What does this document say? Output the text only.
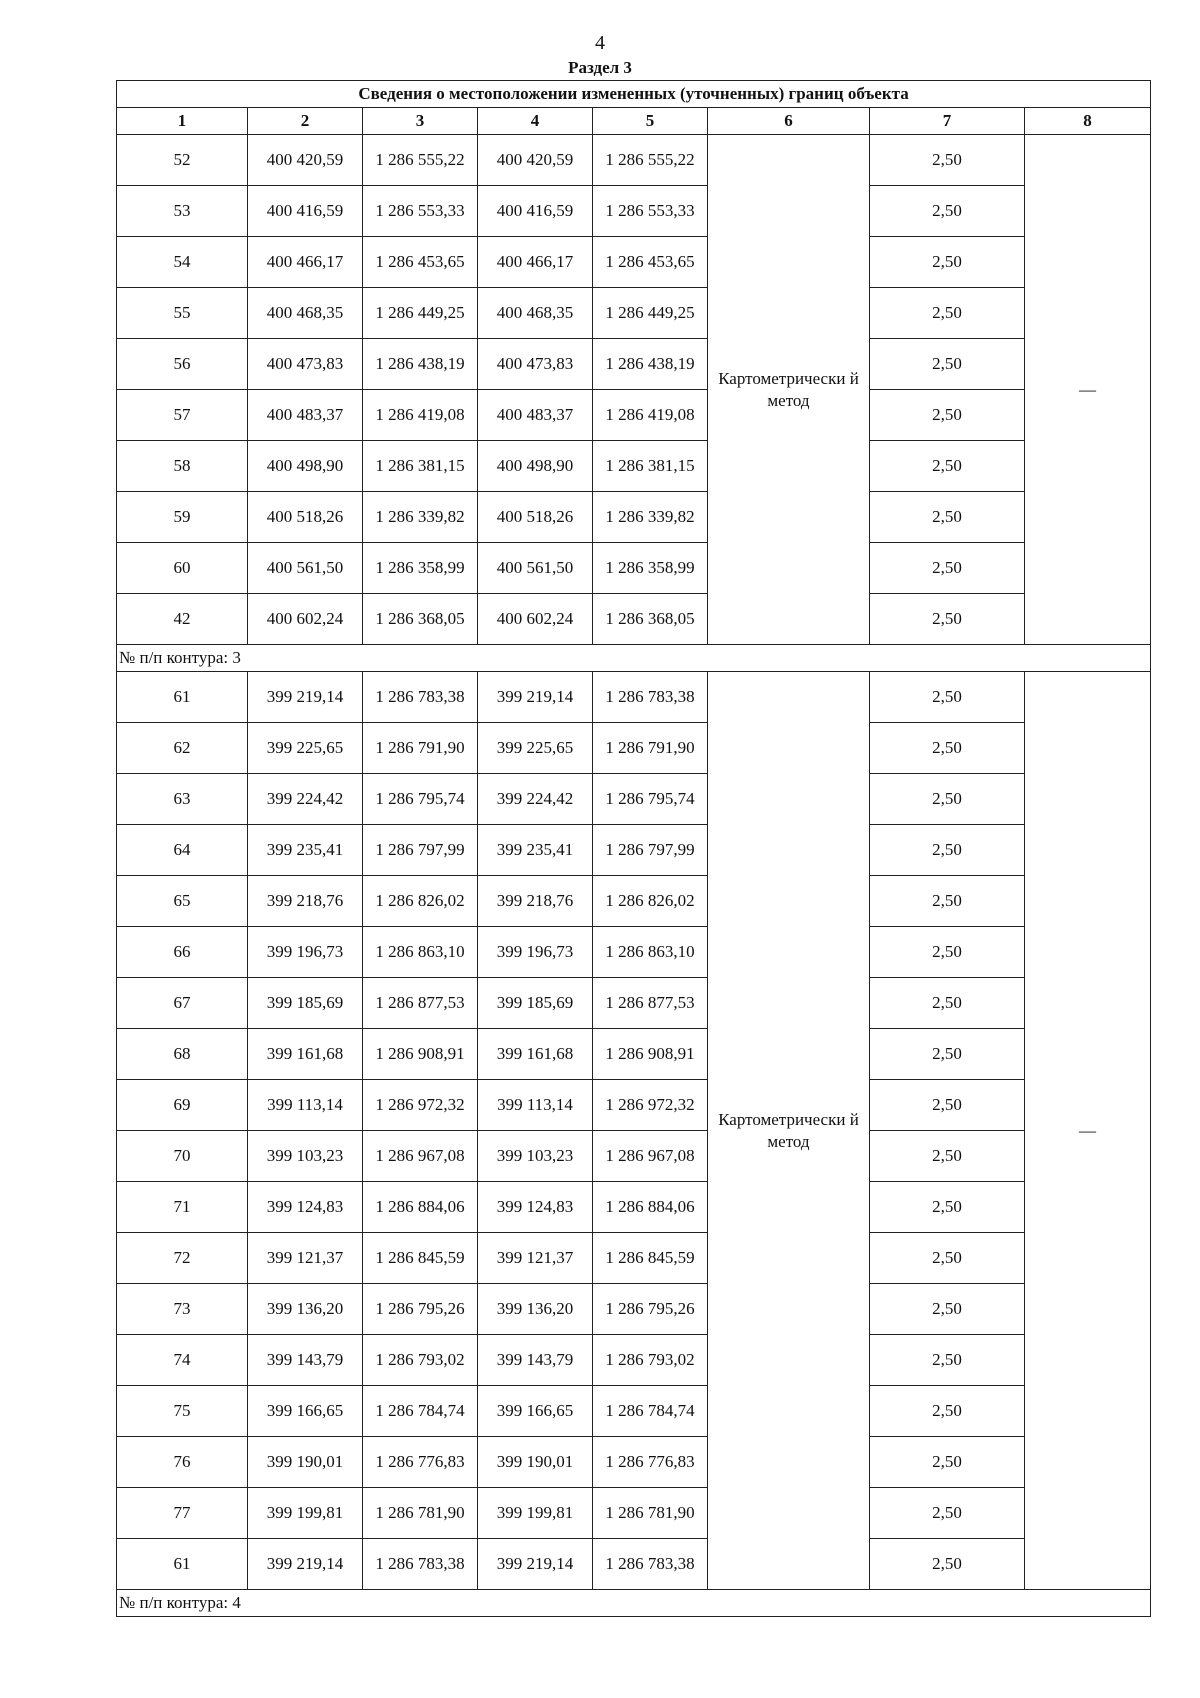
4
Раздел 3
Сведения о местоположении измененных (уточненных) границ объекта							
1	2	3	4	5	6	7	8
52	400 420,59	1 286 555,22	400 420,59	1 286 555,22	Картометрически й метод	2,50	—
53	400 416,59	1 286 553,33	400 416,59	1 286 553,33		2,50	
54	400 466,17	1 286 453,65	400 466,17	1 286 453,65		2,50	
55	400 468,35	1 286 449,25	400 468,35	1 286 449,25		2,50	
56	400 473,83	1 286 438,19	400 473,83	1 286 438,19		2,50	
57	400 483,37	1 286 419,08	400 483,37	1 286 419,08		2,50	
58	400 498,90	1 286 381,15	400 498,90	1 286 381,15		2,50	
59	400 518,26	1 286 339,82	400 518,26	1 286 339,82		2,50	
60	400 561,50	1 286 358,99	400 561,50	1 286 358,99		2,50	
42	400 602,24	1 286 368,05	400 602,24	1 286 368,05		2,50	
№ п/п контура: 3							
61	399 219,14	1 286 783,38	399 219,14	1 286 783,38	Картометрически й метод	2,50	—
62	399 225,65	1 286 791,90	399 225,65	1 286 791,90		2,50	
63	399 224,42	1 286 795,74	399 224,42	1 286 795,74		2,50	
64	399 235,41	1 286 797,99	399 235,41	1 286 797,99		2,50	
65	399 218,76	1 286 826,02	399 218,76	1 286 826,02		2,50	
66	399 196,73	1 286 863,10	399 196,73	1 286 863,10		2,50	
67	399 185,69	1 286 877,53	399 185,69	1 286 877,53		2,50	
68	399 161,68	1 286 908,91	399 161,68	1 286 908,91		2,50	
69	399 113,14	1 286 972,32	399 113,14	1 286 972,32		2,50	
70	399 103,23	1 286 967,08	399 103,23	1 286 967,08		2,50	
71	399 124,83	1 286 884,06	399 124,83	1 286 884,06		2,50	
72	399 121,37	1 286 845,59	399 121,37	1 286 845,59		2,50	
73	399 136,20	1 286 795,26	399 136,20	1 286 795,26		2,50	
74	399 143,79	1 286 793,02	399 143,79	1 286 793,02		2,50	
75	399 166,65	1 286 784,74	399 166,65	1 286 784,74		2,50	
76	399 190,01	1 286 776,83	399 190,01	1 286 776,83		2,50	
77	399 199,81	1 286 781,90	399 199,81	1 286 781,90		2,50	
61	399 219,14	1 286 783,38	399 219,14	1 286 783,38		2,50	
№ п/п контура: 4							
